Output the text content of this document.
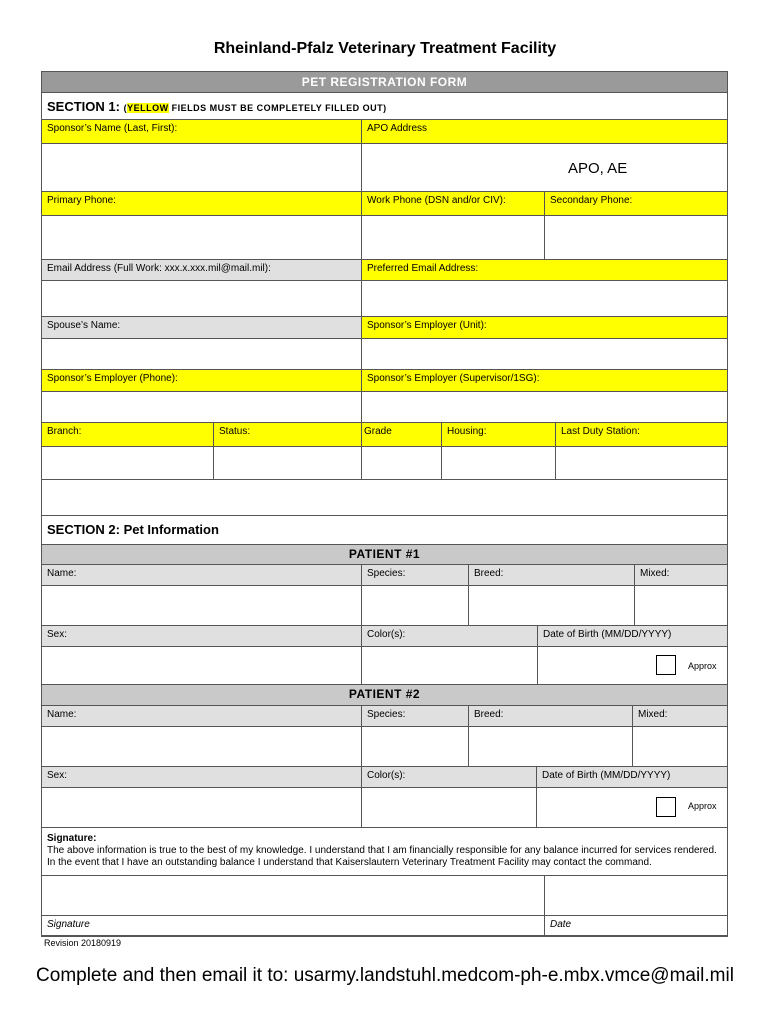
Rheinland-Pfalz Veterinary Treatment Facility
PET REGISTRATION FORM
SECTION 1: (YELLOW FIELDS MUST BE COMPLETELY FILLED OUT)
Sponsor’s Name (Last, First):	APO Address
APO, AE
Primary Phone:	Work Phone (DSN and/or CIV):	Secondary Phone:
Email Address (Full Work: xxx.x.xxx.mil@mail.mil):	Preferred Email Address:
Spouse’s Name:	Sponsor’s Employer (Unit):
Sponsor’s Employer (Phone):	Sponsor’s Employer (Supervisor/1SG):
Branch:	Status:	Grade	Housing:	Last Duty Station:
SECTION 2: Pet Information
PATIENT #1
Name:	Species:	Breed:	Mixed:
Sex:	Color(s):	Date of Birth (MM/DD/YYYY)
Approx
PATIENT #2
Name:	Species:	Breed:	Mixed:
Sex:	Color(s):	Date of Birth (MM/DD/YYYY)
Approx
Signature:
The above information is true to the best of my knowledge. I understand that I am financially responsible for any balance incurred for services rendered. In the event that I have an outstanding balance I understand that Kaiserslautern Veterinary Treatment Facility may contact the command.
Signature	Date
Revision 20180919
Complete and then email it to: usarmy.landstuhl.medcom-ph-e.mbx.vmce@mail.mil
